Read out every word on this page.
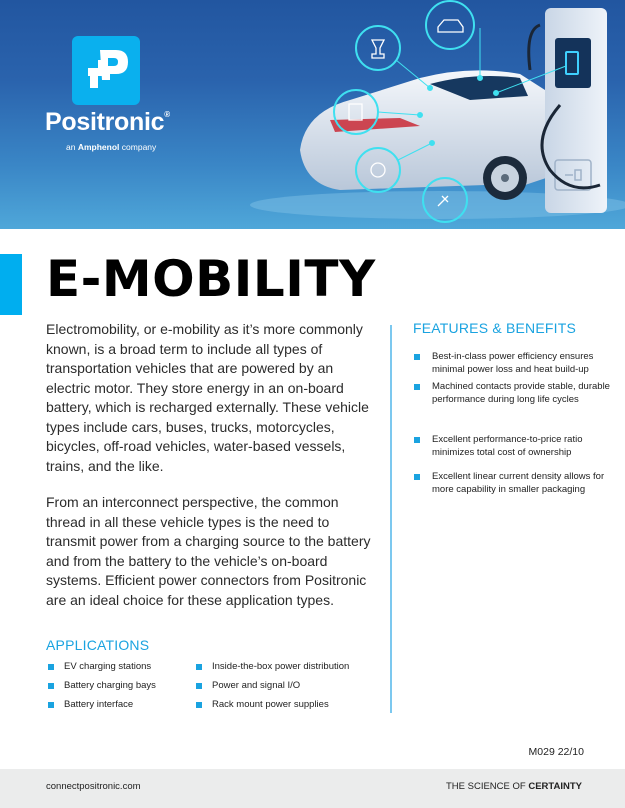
Positronic®
an Amphenol company
E-MOBILITY

Electromobility, or e-mobility as it’s more commonly known, is a broad term to include all types of transportation vehicles that are powered by an electric motor. They store energy in an on-board battery, which is recharged externally. These vehicle types include cars, buses, trucks, motorcycles, bicycles, off-road vehicles, water-based vessels, trains, and the like.

From an interconnect perspective, the common thread in all these vehicle types is the need to transmit power from a charging source to the battery and from the battery to the vehicle’s on-board systems. Efficient power connectors from Positronic are an ideal choice for these application types.

APPLICATIONS
EV charging stations
Battery charging bays
Battery interface
Inside-the-box power distribution
Power and signal I/O
Rack mount power supplies
FEATURES & BENEFITS
Best-in-class power efficiency ensures minimal power loss and heat build-up
Machined contacts provide stable, durable performance during long life cycles
Excellent performance-to-price ratio minimizes total cost of ownership
Excellent linear current density allows for more capability in smaller packaging
M029 22/10
connectpositronic.com	THE SCIENCE OF CERTAINTY
